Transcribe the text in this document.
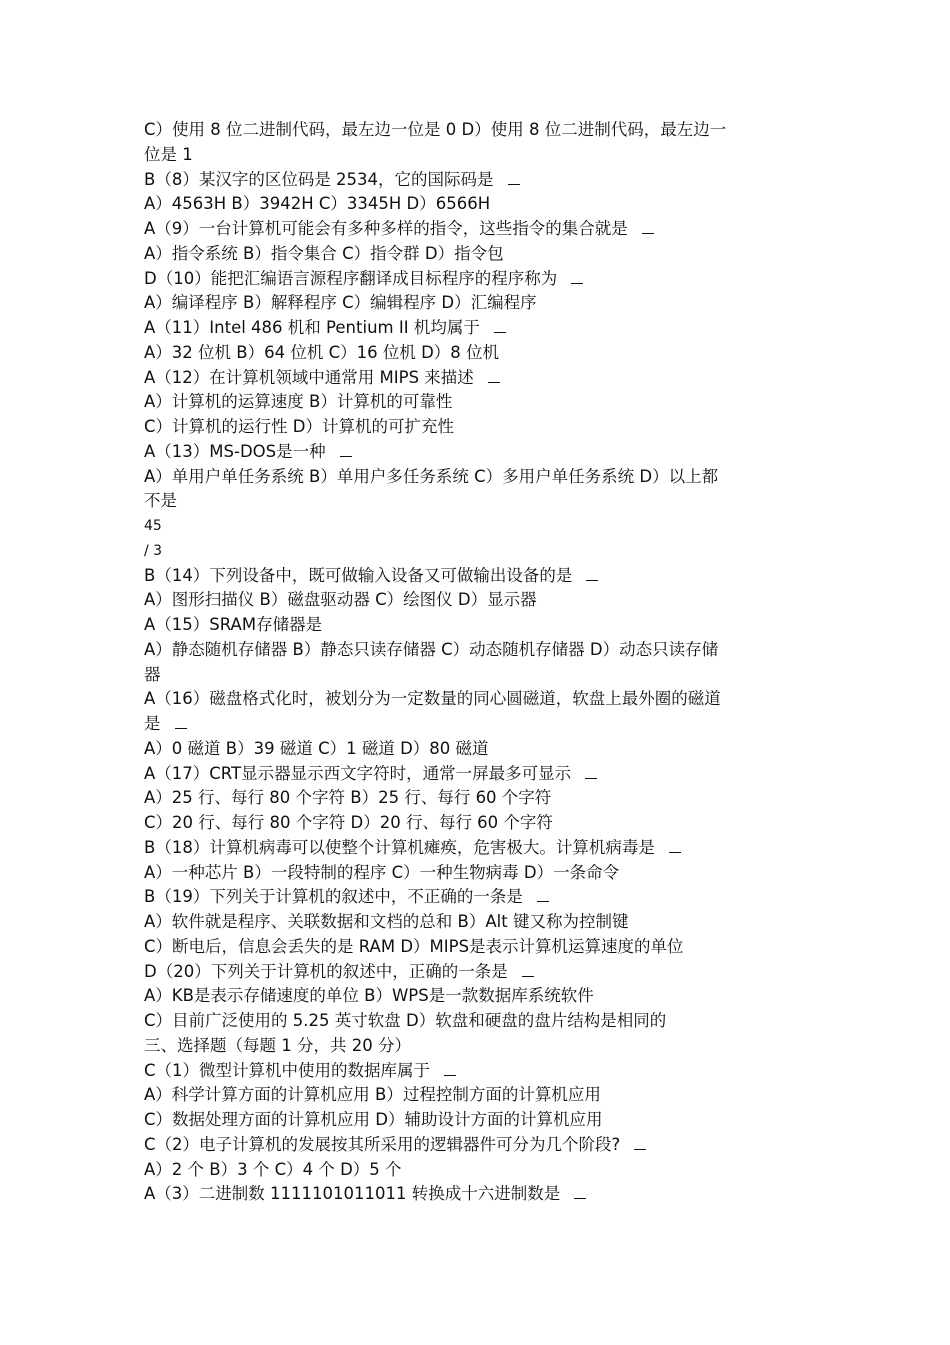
C）使用 8 位二进制代码，最左边一位是 0 D）使用 8 位二进制代码，最左边一
位是 1
B（8）某汉字的区位码是 2534，它的国际码是
A）4563H B）3942H C）3345H D）6566H
A（9）一台计算机可能会有多种多样的指令，这些指令的集合就是
A）指令系统 B）指令集合 C）指令群 D）指令包
D（10）能把汇编语言源程序翻译成目标程序的程序称为
A）编译程序 B）解释程序 C）编辑程序 D）汇编程序
A（11）Intel 486 机和 Pentium II 机均属于
A）32 位机 B）64 位机 C）16 位机 D）8 位机
A（12）在计算机领域中通常用 MIPS 来描述
A）计算机的运算速度 B）计算机的可靠性
C）计算机的运行性 D）计算机的可扩充性
A（13）MS-DOS是一种
A）单用户单任务系统 B）单用户多任务系统 C）多用户单任务系统 D）以上都
不是
45
/ 3
B（14）下列设备中，既可做输入设备又可做输出设备的是
A）图形扫描仪 B）磁盘驱动器 C）绘图仪 D）显示器
A（15）SRAM存储器是
A）静态随机存储器 B）静态只读存储器 C）动态随机存储器 D）动态只读存储
器
A（16）磁盘格式化时，被划分为一定数量的同心圆磁道，软盘上最外圈的磁道
是
A）0 磁道 B）39 磁道 C）1 磁道 D）80 磁道
A（17）CRT显示器显示西文字符时，通常一屏最多可显示
A）25 行、每行 80 个字符 B）25 行、每行 60 个字符
C）20 行、每行 80 个字符 D）20 行、每行 60 个字符
B（18）计算机病毒可以使整个计算机瘫痪，危害极大。计算机病毒是
A）一种芯片 B）一段特制的程序 C）一种生物病毒 D）一条命令
B（19）下列关于计算机的叙述中，不正确的一条是
A）软件就是程序、关联数据和文档的总和 B）Alt 键又称为控制键
C）断电后，信息会丢失的是 RAM D）MIPS是表示计算机运算速度的单位
D（20）下列关于计算机的叙述中，正确的一条是
A）KB是表示存储速度的单位 B）WPS是一款数据库系统软件
C）目前广泛使用的 5.25 英寸软盘 D）软盘和硬盘的盘片结构是相同的
三、选择题（每题 1 分，共 20 分）
C（1）微型计算机中使用的数据库属于
A）科学计算方面的计算机应用 B）过程控制方面的计算机应用
C）数据处理方面的计算机应用 D）辅助设计方面的计算机应用
C（2）电子计算机的发展按其所采用的逻辑器件可分为几个阶段?
A）2 个 B）3 个 C）4 个 D）5 个
A（3）二进制数 1111101011011 转换成十六进制数是
